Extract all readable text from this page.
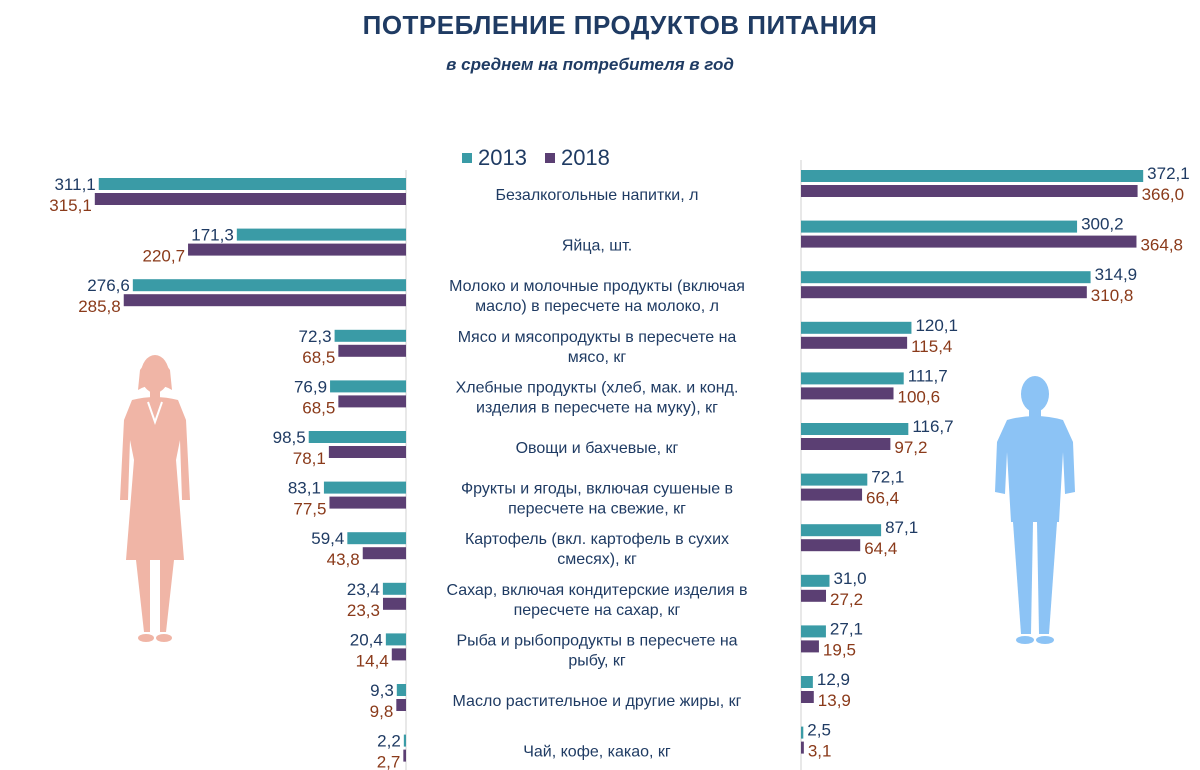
ПОТРЕБЛЕНИЕ ПРОДУКТОВ ПИТАНИЯ
в среднем на потребителя в год
2013 2018
311,1
315,1
372,1
366,0
Безалкогольные напитки, л
171,3
220,7
300,2
364,8
Яйца, шт.
276,6
285,8
314,9
310,8
Молоко и молочные продукты (включая
масло) в пересчете на молоко, л
72,3
68,5
120,1
115,4
Мясо и мясопродукты в пересчете на
мясо, кг
76,9
68,5
111,7
100,6
Хлебные продукты (хлеб, мак. и конд.
изделия в пересчете на муку), кг
98,5
78,1
116,7
97,2
Овощи и бахчевые, кг
83,1
77,5
72,1
66,4
Фрукты и ягоды, включая сушеные в
пересчете на свежие, кг
59,4
43,8
87,1
64,4
Картофель (вкл. картофель в сухих
смесях), кг
23,4
23,3
31,0
27,2
Сахар, включая кондитерские изделия в
пересчете на сахар, кг
20,4
14,4
27,1
19,5
Рыба и рыбопродукты в пересчете на
рыбу, кг
9,3
9,8
12,9
13,9
Масло растительное и другие жиры, кг
2,2
2,7
2,5
3,1
Чай, кофе, какао, кг
